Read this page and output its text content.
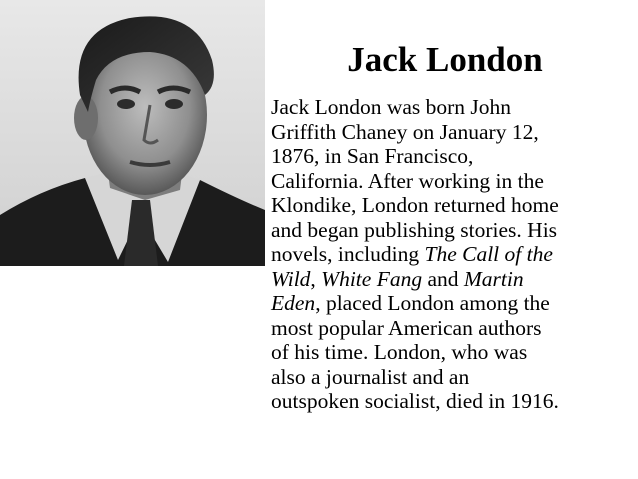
Jack London
Jack London was born John
Griffith Chaney on January 12,
1876, in San Francisco,
California. After working in the
Klondike, London returned home
and began publishing stories. His
novels, including The Call of the
Wild, White Fang and Martin
Eden, placed London among the
most popular American authors
of his time. London, who was
also a journalist and an
outspoken socialist, died in 1916.
